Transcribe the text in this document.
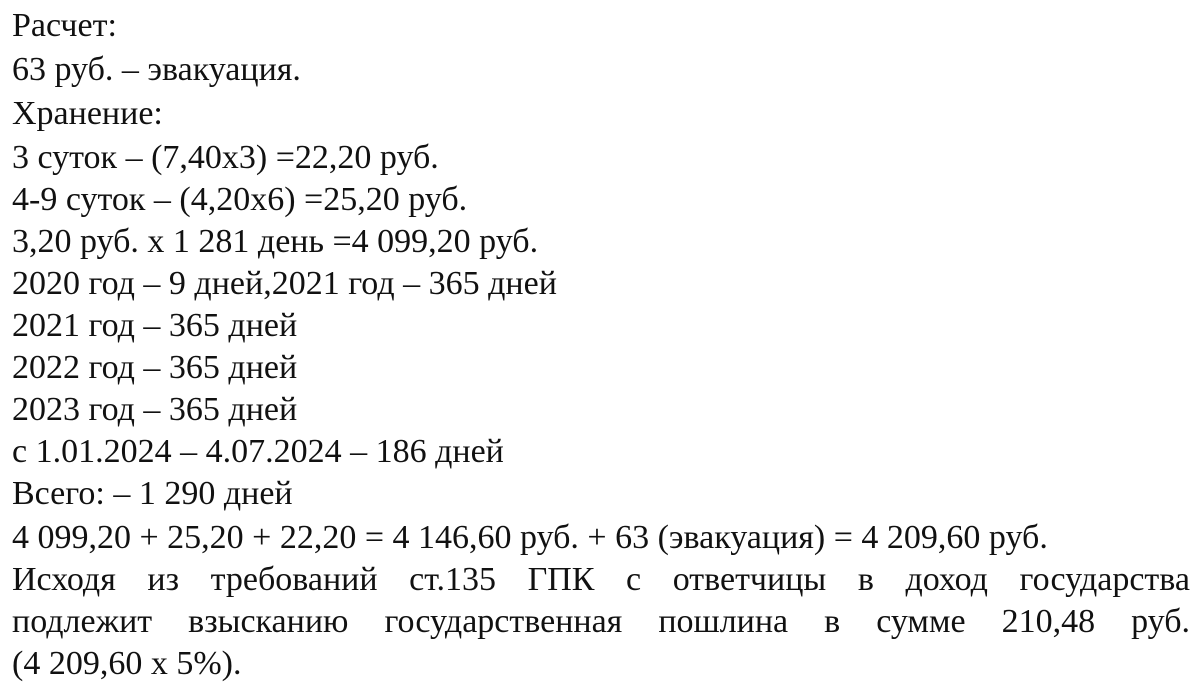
Расчет:
63 руб. – эвакуация.
Хранение:
3 суток – (7,40х3) =22,20 руб.
4-9 суток – (4,20х6) =25,20 руб.
3,20 руб. х 1 281 день =4 099,20 руб.
2020 год – 9 дней,2021 год – 365 дней
2021 год – 365 дней
2022 год – 365 дней
2023 год – 365 дней
с 1.01.2024 – 4.07.2024 – 186 дней
Всего: – 1 290 дней
4 099,20 + 25,20 + 22,20 = 4 146,60 руб. + 63 (эвакуация) = 4 209,60 руб.
Исходя из требований ст.135 ГПК с ответчицы в доход государства
подлежит взысканию государственная пошлина в сумме 210,48 руб.
(4 209,60 х 5%).
